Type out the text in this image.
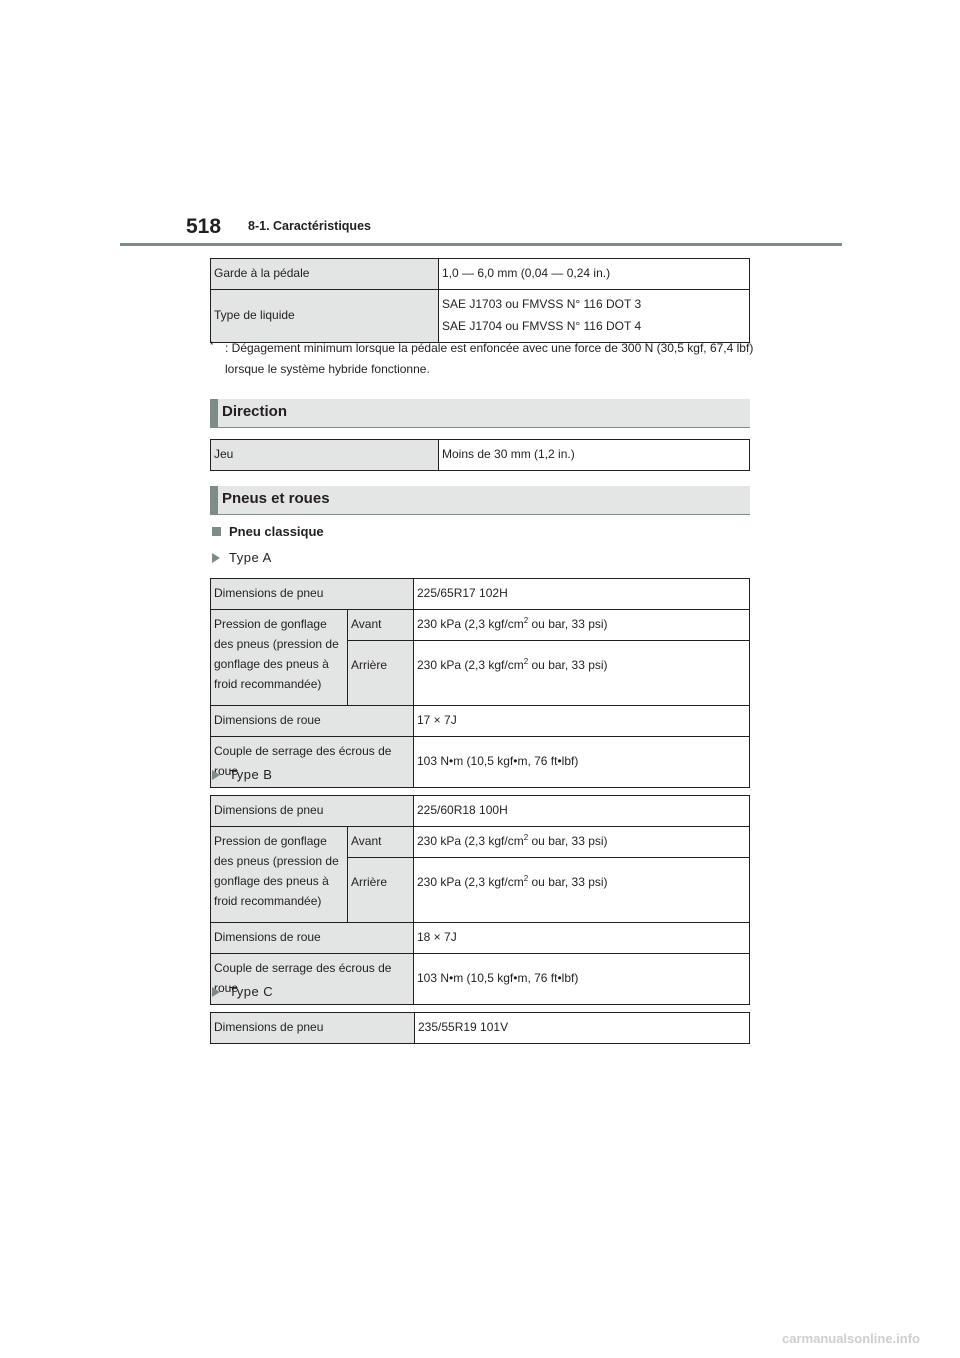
518 8-1. Caractéristiques
Garde à la pédale	1,0 — 6,0 mm (0,04 — 0,24 in.)
Type de liquide	SAE J1703 ou FMVSS N° 116 DOT 3
SAE J1704 ou FMVSS N° 116 DOT 4
* : Dégagement minimum lorsque la pédale est enfoncée avec une force de 300 N (30,5 kgf, 67,4 lbf) lorsque le système hybride fonctionne.
Direction
Jeu	Moins de 30 mm (1,2 in.)
Pneus et roues
Pneu classique
Type A
Dimensions de pneu		225/65R17 102H
Pression de gonflage des pneus (pression de gonflage des pneus à froid recommandée)	Avant	230 kPa (2,3 kgf/$cm^2$ ou bar, 33 psi)
	Arrière	230 kPa (2,3 kgf/$cm^2$ ou bar, 33 psi)
Dimensions de roue		17 × 7J
Couple de serrage des écrous de roue		103 N•m (10,5 kgf•m, 76 ft•lbf)
Type B
Dimensions de pneu		225/60R18 100H
Pression de gonflage des pneus (pression de gonflage des pneus à froid recommandée)	Avant	230 kPa (2,3 kgf/$cm^2$ ou bar, 33 psi)
	Arrière	230 kPa (2,3 kgf/$cm^2$ ou bar, 33 psi)
Dimensions de roue		18 × 7J
Couple de serrage des écrous de roue		103 N•m (10,5 kgf•m, 76 ft•lbf)
Type C
Dimensions de pneu	235/55R19 101V
carmanualsonline.info
